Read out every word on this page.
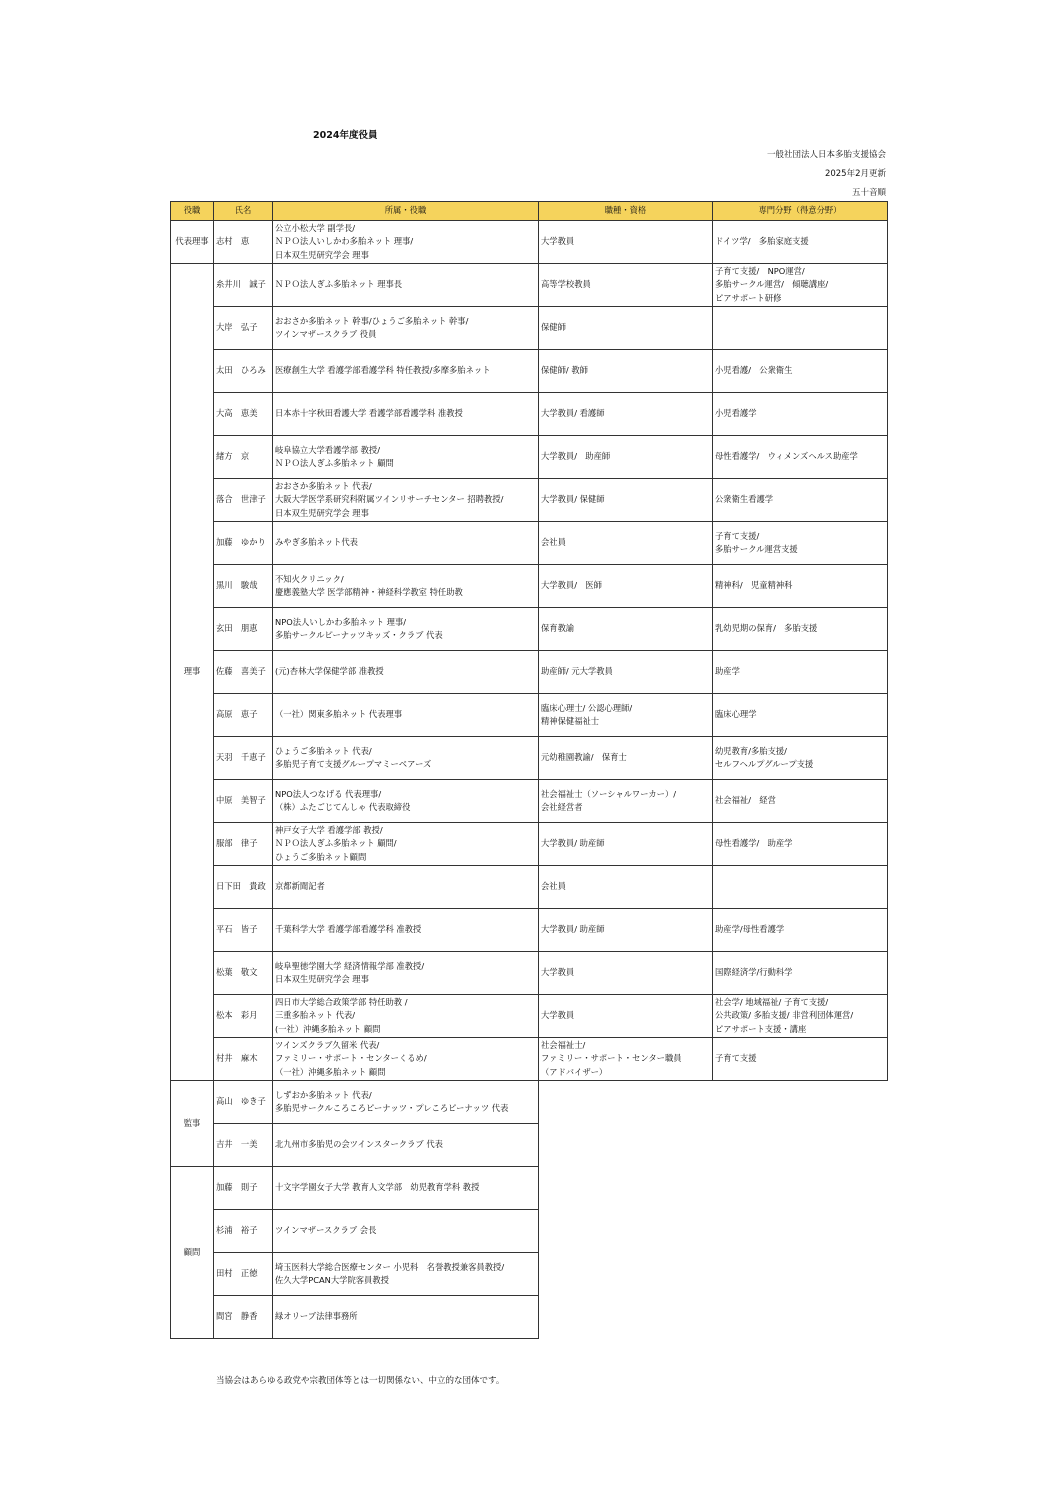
2024年度役員
一般社団法人日本多胎支援協会
2025年2月更新
五十音順
役職	氏名	所属・役職	職種・資格	専門分野（得意分野）
代表理事	志村　恵	公立小松大学 副学長/
ＮＰＯ法人いしかわ多胎ネット 理事/
日本双生児研究学会 理事	大学教員	ドイツ学/　多胎家庭支援

理事	糸井川　誠子	ＮＰＯ法人ぎふ多胎ネット 理事長	高等学校教員	子育て支援/　NPO運営/
多胎サークル運営/　傾聴講座/
ピアサポート研修

	大岸　弘子	おおさか多胎ネット 幹事/ひょうご多胎ネット 幹事/
ツインマザースクラブ 役員	保健師	

	太田　ひろみ	医療創生大学 看護学部看護学科 特任教授/多摩多胎ネット	保健師/ 教師	小児看護/　公衆衛生

	大高　恵美	日本赤十字秋田看護大学 看護学部看護学科 准教授	大学教員/ 看護師	小児看護学

	緒方　京	岐阜協立大学看護学部 教授/
ＮＰＯ法人ぎふ多胎ネット 顧問	大学教員/　助産師	母性看護学/　ウィメンズヘルス助産学

	落合　世津子	おおさか多胎ネット 代表/
大阪大学医学系研究科附属ツインリサーチセンター 招聘教授/
日本双生児研究学会 理事	大学教員/ 保健師	公衆衛生看護学

	加藤　ゆかり	みやぎ多胎ネット代表	会社員	子育て支援/
多胎サークル運営支援

	黒川　駿哉	不知火クリニック/
慶應義塾大学 医学部精神・神経科学教室 特任助教	大学教員/　医師	精神科/　児童精神科

	玄田　朋恵	NPO法人いしかわ多胎ネット 理事/
多胎サークルピーナッツキッズ・クラブ 代表	保育教諭	乳幼児期の保育/　多胎支援

	佐藤　喜美子	(元)杏林大学保健学部 准教授	助産師/ 元大学教員	助産学

	高原　恵子	（一社）関東多胎ネット 代表理事	臨床心理士/ 公認心理師/
精神保健福祉士	臨床心理学

	天羽　千恵子	ひょうご多胎ネット 代表/
多胎児子育て支援グループマミーベアーズ	元幼稚園教諭/　保育士	幼児教育/多胎支援/
セルフヘルプグループ支援

	中原　美智子	NPO法人つなげる 代表理事/
（株）ふたごじてんしゃ 代表取締役	社会福祉士（ソーシャルワーカー）/
会社経営者	社会福祉/　経営

	服部　律子	神戸女子大学 看護学部 教授/
ＮＰＯ法人ぎふ多胎ネット 顧問/
ひょうご多胎ネット顧問	大学教員/ 助産師	母性看護学/　助産学

	日下田　貴政	京都新聞記者	会社員	

	平石　皆子	千葉科学大学 看護学部看護学科 准教授	大学教員/ 助産師	助産学/母性看護学

	松葉　敬文	岐阜聖徳学園大学 経済情報学部 准教授/
日本双生児研究学会 理事	大学教員	国際経済学/行動科学

	松本　彩月	四日市大学総合政策学部 特任助教 /
三重多胎ネット 代表/
(一社）沖縄多胎ネット 顧問	大学教員	社会学/ 地域福祉/ 子育て支援/
公共政策/ 多胎支援/ 非営利団体運営/
ピアサポート支援・講座

	村井　麻木	ツインズクラブ久留米 代表/
ファミリー・サポート・センターくるめ/
（一社）沖縄多胎ネット 顧問	社会福祉士/
ファミリー・サポート・センター職員
（アドバイザー）	子育て支援

監事	高山　ゆき子	しずおか多胎ネット 代表/
多胎児サークルころころピーナッツ・プレころピーナッツ 代表		

	吉井　一美	北九州市多胎児の会ツインスタークラブ 代表		

顧問	加藤　則子	十文字学園女子大学 教育人文学部　幼児教育学科 教授		

	杉浦　裕子	ツインマザースクラブ 会長		

	田村　正徳	埼玉医科大学総合医療センター 小児科　名誉教授兼客員教授/
佐久大学PCAN大学院客員教授		

	間宮　静香	緑オリーブ法律事務所		

当協会はあらゆる政党や宗教団体等とは一切関係ない、中立的な団体です。
